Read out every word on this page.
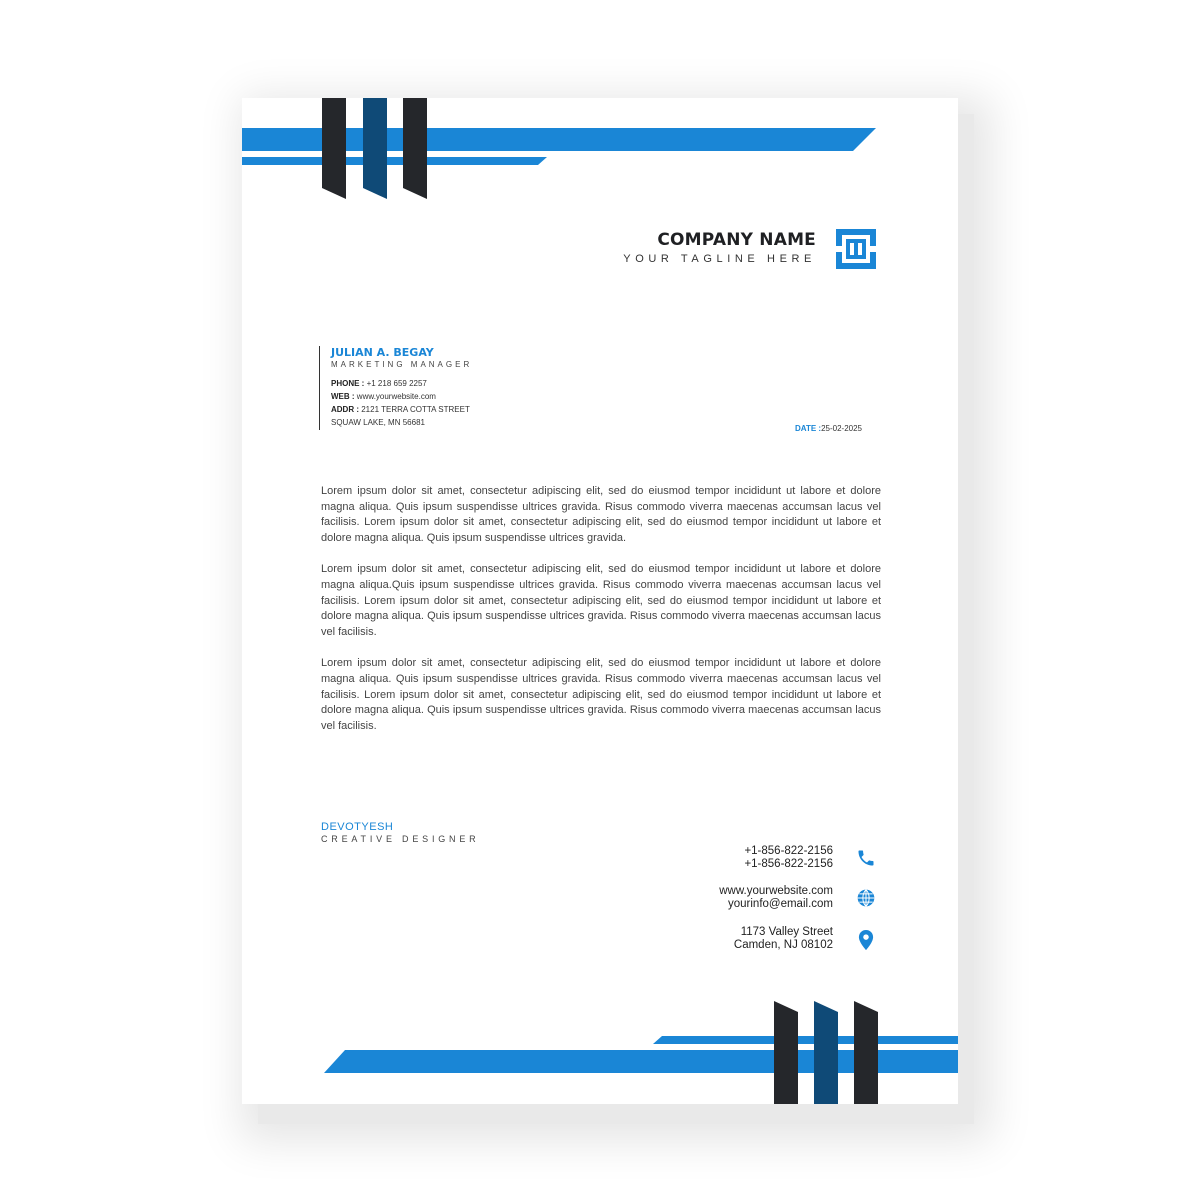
COMPANY NAME
YOUR TAGLINE HERE
JULIAN A. BEGAY
MARKETING MANAGER
PHONE : +1 218 659 2257
WEB : www.yourwebsite.com
ADDR : 2121 TERRA COTTA STREET
SQUAW LAKE, MN 56681
DATE :25-02-2025

Lorem ipsum dolor sit amet, consectetur adipiscing elit, sed do eiusmod tempor incididunt ut labore et dolore magna aliqua. Quis ipsum suspendisse ultrices gravida. Risus commodo viverra maecenas accumsan lacus vel facilisis. Lorem ipsum dolor sit amet, consectetur adipiscing elit, sed do eiusmod tempor incididunt ut labore et dolore magna aliqua. Quis ipsum suspendisse ultrices gravida.

Lorem ipsum dolor sit amet, consectetur adipiscing elit, sed do eiusmod tempor incididunt ut labore et dolore magna aliqua.Quis ipsum suspendisse ultrices gravida. Risus commodo viverra maecenas accumsan lacus vel facilisis. Lorem ipsum dolor sit amet, consectetur adipiscing elit, sed do eiusmod tempor incididunt ut labore et dolore magna aliqua. Quis ipsum suspendisse ultrices gravida. Risus commodo viverra maecenas accumsan lacus vel facilisis.

Lorem ipsum dolor sit amet, consectetur adipiscing elit, sed do eiusmod tempor incididunt ut labore et dolore magna aliqua. Quis ipsum suspendisse ultrices gravida. Risus commodo viverra maecenas accumsan lacus vel facilisis. Lorem ipsum dolor sit amet, consectetur adipiscing elit, sed do eiusmod tempor incididunt ut labore et dolore magna aliqua. Quis ipsum suspendisse ultrices gravida. Risus commodo viverra maecenas accumsan lacus vel facilisis.

DEVOTYESH
CREATIVE DESIGNER
+1-856-822-2156
+1-856-822-2156
www.yourwebsite.com
yourinfo@email.com
1173 Valley Street
Camden, NJ 08102
